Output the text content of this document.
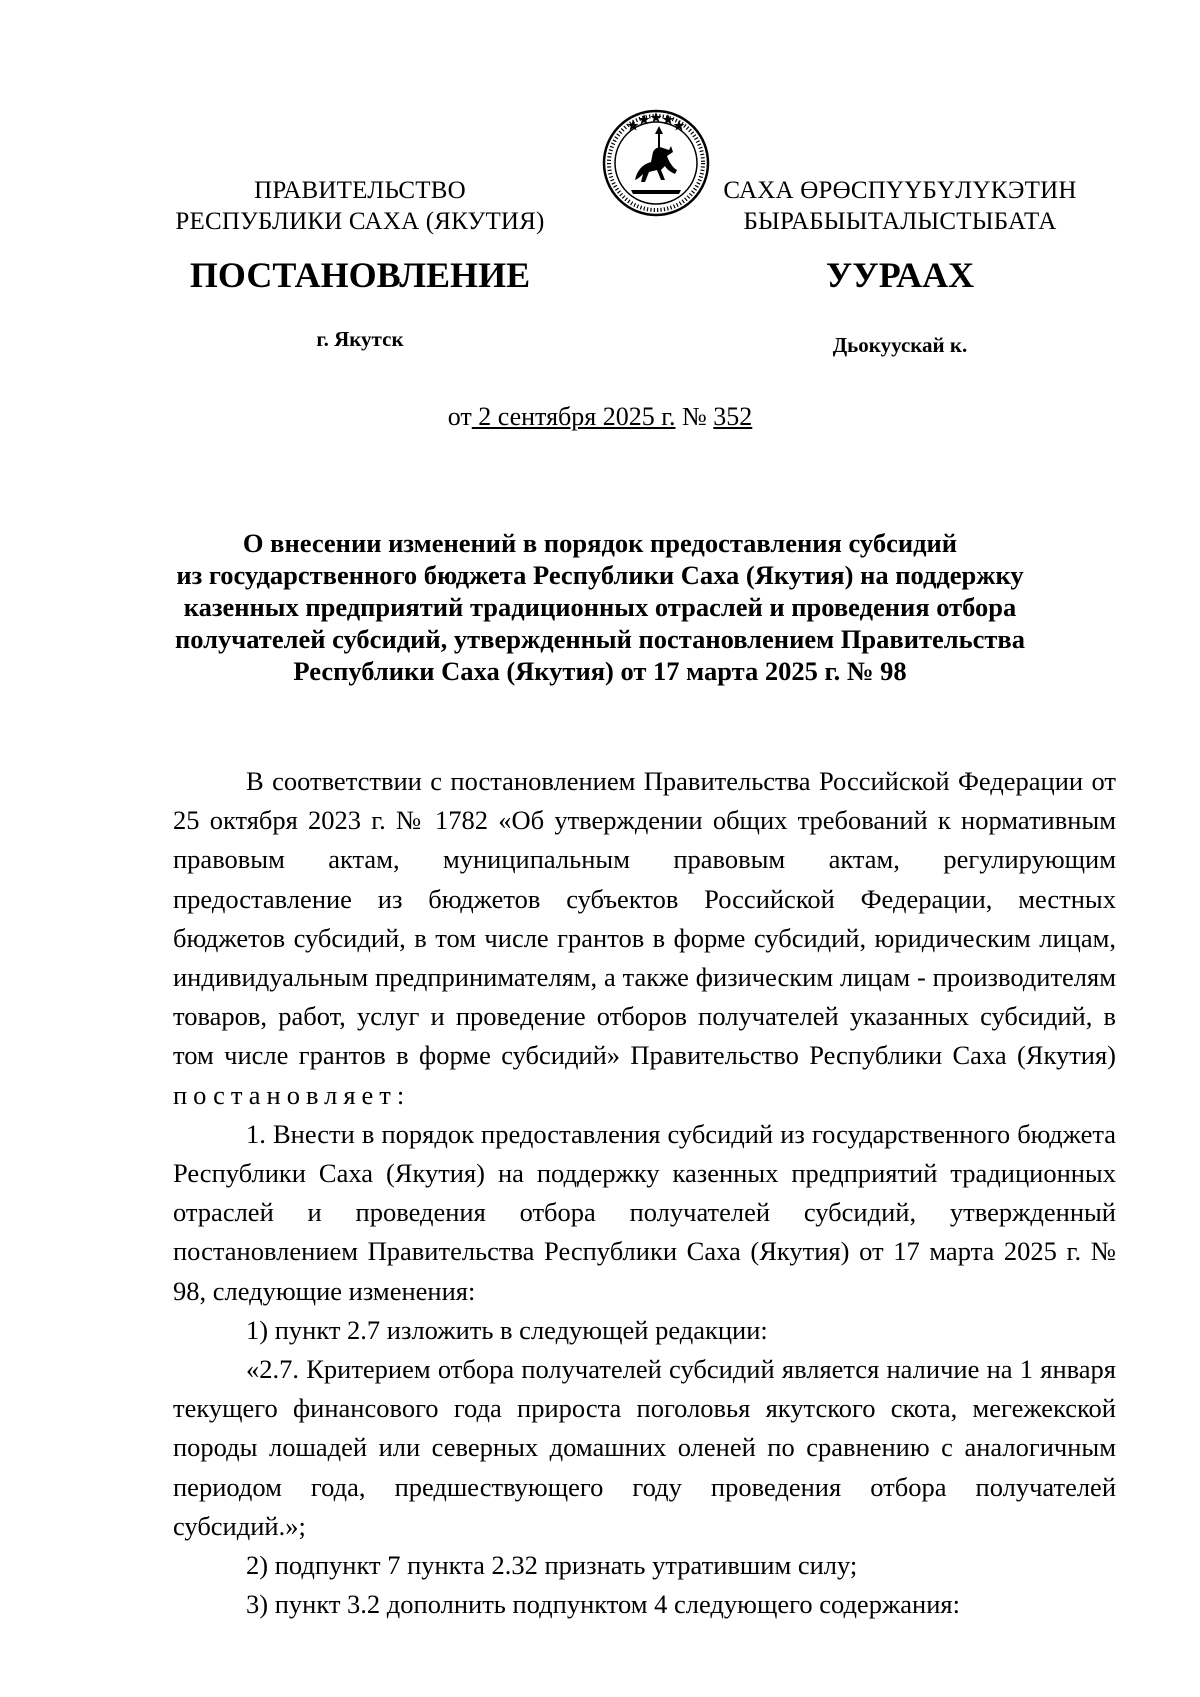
ПРАВИТЕЛЬСТВО
РЕСПУБЛИКИ САХА (ЯКУТИЯ)
САХА ӨРӨСПҮҮБҮЛҮКЭТИН
БЫРАБЫЫТАЛЫСТЫБАТА
ПОСТАНОВЛЕНИЕ	УУРААХ
г. Якутск	Дьокуускай к.
от 2 сентября 2025 г. № 352
О внесении изменений в порядок предоставления субсидий
из государственного бюджета Республики Саха (Якутия) на поддержку
казенных предприятий традиционных отраслей и проведения отбора
получателей субсидий, утвержденный постановлением Правительства
Республики Саха (Якутия) от 17 марта 2025 г. № 98

В соответствии с постановлением Правительства Российской Федерации от 25 октября 2023 г. № 1782 «Об утверждении общих требований к нормативным правовым актам, муниципальным правовым актам, регулирующим предоставление из бюджетов субъектов Российской Федерации, местных бюджетов субсидий, в том числе грантов в форме субсидий, юридическим лицам, индивидуальным предпринимателям, а также физическим лицам - производителям товаров, работ, услуг и проведение отборов получателей указанных субсидий, в том числе грантов в форме субсидий» Правительство Республики Саха (Якутия) постановляет:

1. Внести в порядок предоставления субсидий из государственного бюджета Республики Саха (Якутия) на поддержку казенных предприятий традиционных отраслей и проведения отбора получателей субсидий, утвержденный постановлением Правительства Республики Саха (Якутия) от 17 марта 2025 г. № 98, следующие изменения:

1) пункт 2.7 изложить в следующей редакции:

«2.7. Критерием отбора получателей субсидий является наличие на 1 января текущего финансового года прироста поголовья якутского скота, мегежекской породы лошадей или северных домашних оленей по сравнению с аналогичным периодом года, предшествующего году проведения отбора получателей субсидий.»;

2) подпункт 7 пункта 2.32 признать утратившим силу;

3) пункт 3.2 дополнить подпунктом 4 следующего содержания:
